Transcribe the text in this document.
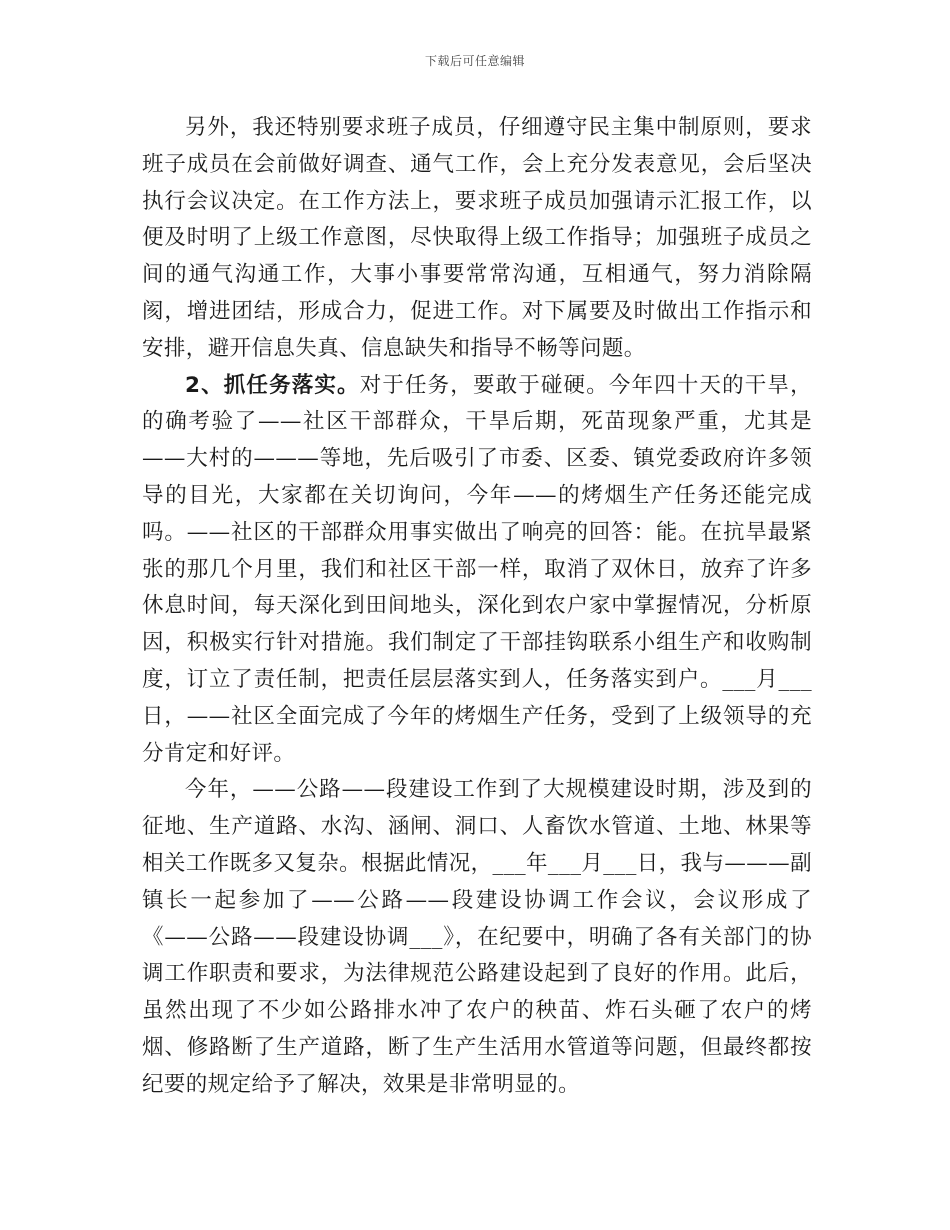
下载后可任意编辑

另外，我还特别要求班子成员，仔细遵守民主集中制原则，要求班子成员在会前做好调查、通气工作，会上充分发表意见，会后坚决执行会议决定。在工作方法上，要求班子成员加强请示汇报工作，以便及时明了上级工作意图，尽快取得上级工作指导；加强班子成员之间的通气沟通工作，大事小事要常常沟通，互相通气，努力消除隔阂，增进团结，形成合力，促进工作。对下属要及时做出工作指示和安排，避开信息失真、信息缺失和指导不畅等问题。

2、抓任务落实。对于任务，要敢于碰硬。今年四十天的干旱，的确考验了——社区干部群众，干旱后期，死苗现象严重，尤其是——大村的———等地，先后吸引了市委、区委、镇党委政府许多领导的目光，大家都在关切询问，今年——的烤烟生产任务还能完成吗。——社区的干部群众用事实做出了响亮的回答：能。在抗旱最紧张的那几个月里，我们和社区干部一样，取消了双休日，放弃了许多休息时间，每天深化到田间地头，深化到农户家中掌握情况，分析原因，积极实行针对措施。我们制定了干部挂钩联系小组生产和收购制度，订立了责任制，把责任层层落实到人，任务落实到户。___月___日，——社区全面完成了今年的烤烟生产任务，受到了上级领导的充分肯定和好评。

今年，——公路——段建设工作到了大规模建设时期，涉及到的征地、生产道路、水沟、涵闸、洞口、人畜饮水管道、土地、林果等相关工作既多又复杂。根据此情况，___年___月___日，我与———副镇长一起参加了——公路——段建设协调工作会议，会议形成了《——公路——段建设协调___》，在纪要中，明确了各有关部门的协调工作职责和要求，为法律规范公路建设起到了良好的作用。此后，虽然出现了不少如公路排水冲了农户的秧苗、炸石头砸了农户的烤烟、修路断了生产道路，断了生产生活用水管道等问题，但最终都按纪要的规定给予了解决，效果是非常明显的。
